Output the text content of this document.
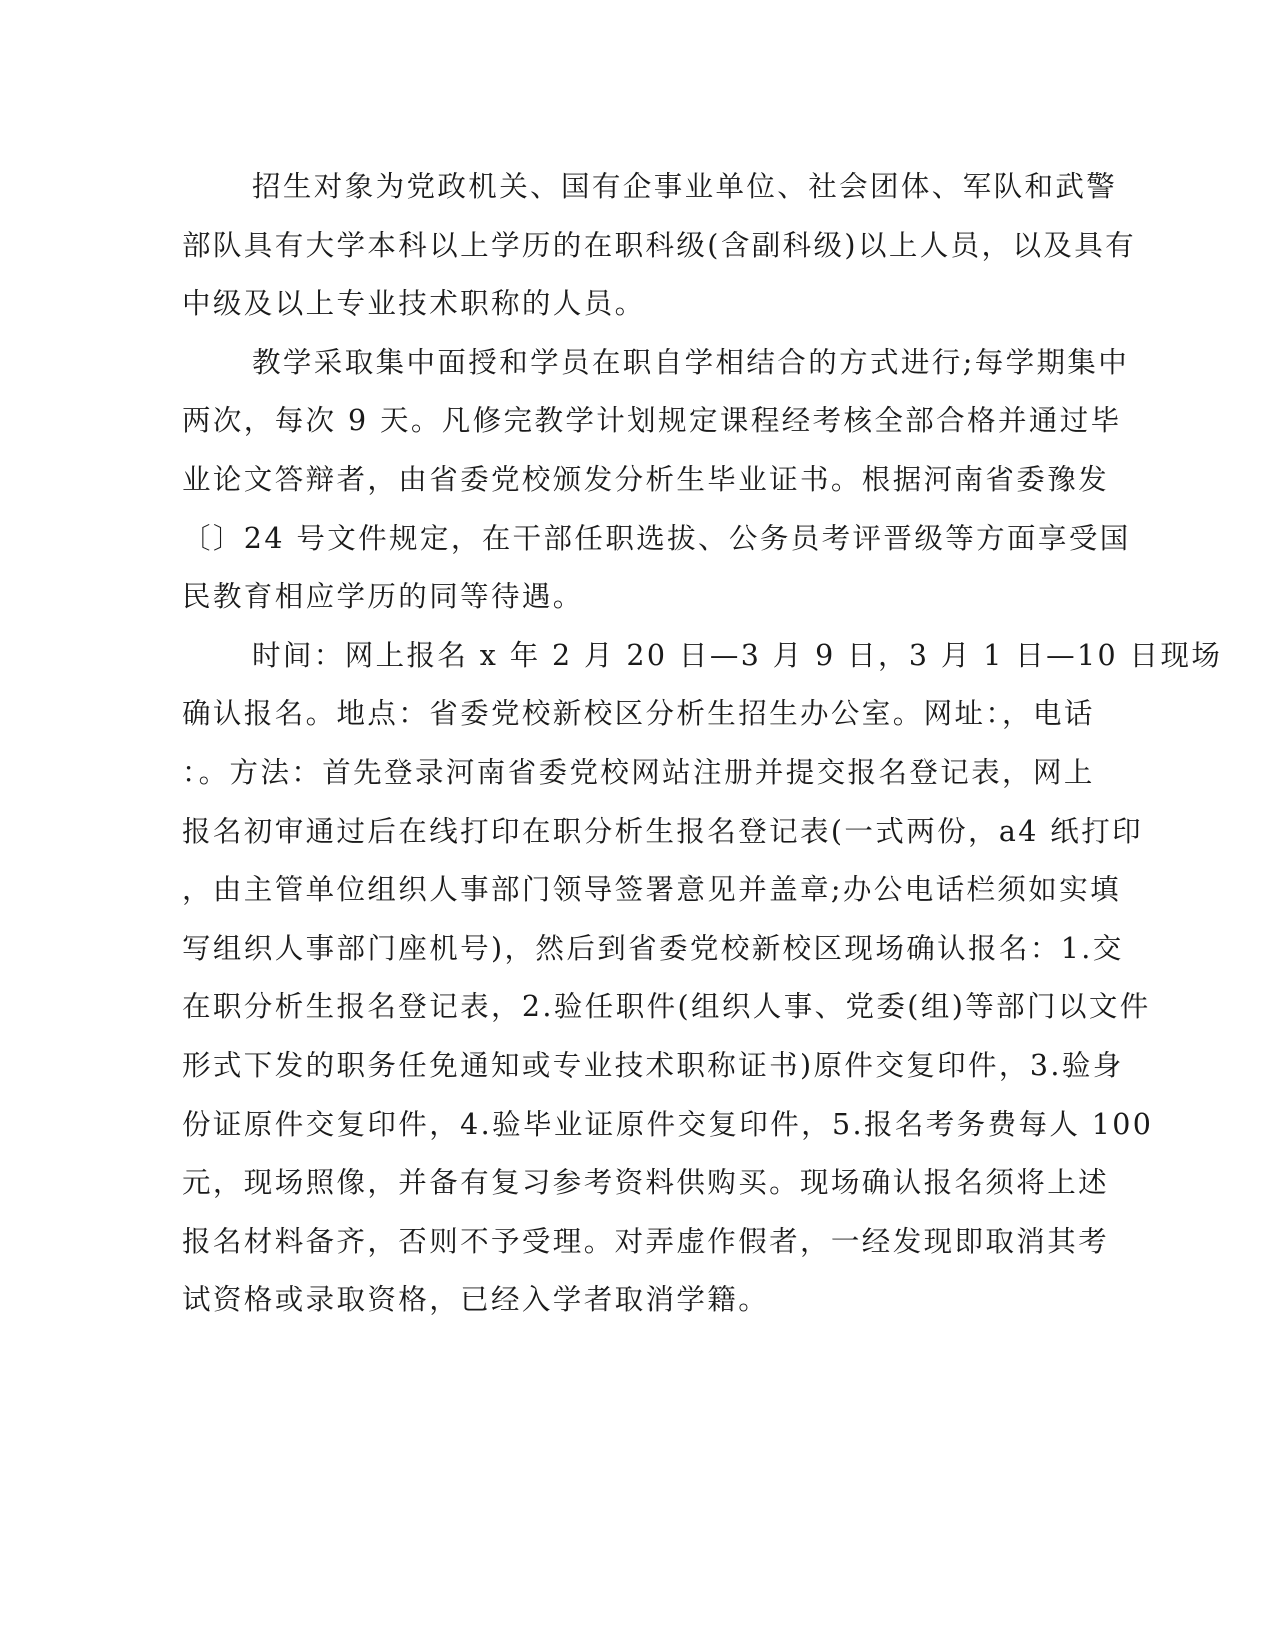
招生对象为党政机关、国有企事业单位、社会团体、军队和武警
部队具有大学本科以上学历的在职科级(含副科级)以上人员，以及具有
中级及以上专业技术职称的人员。
教学采取集中面授和学员在职自学相结合的方式进行;每学期集中
两次，每次 9 天。凡修完教学计划规定课程经考核全部合格并通过毕
业论文答辩者，由省委党校颁发分析生毕业证书。根据河南省委豫发
〔〕24 号文件规定，在干部任职选拔、公务员考评晋级等方面享受国
民教育相应学历的同等待遇。
时间：网上报名 x 年 2 月 20 日—3 月 9 日，3 月 1 日—10 日现场
确认报名。地点：省委党校新校区分析生招生办公室。网址：，电话
：。方法：首先登录河南省委党校网站注册并提交报名登记表，网上
报名初审通过后在线打印在职分析生报名登记表(一式两份，a4 纸打印
，由主管单位组织人事部门领导签署意见并盖章;办公电话栏须如实填
写组织人事部门座机号)，然后到省委党校新校区现场确认报名：1.交
在职分析生报名登记表，2.验任职件(组织人事、党委(组)等部门以文件
形式下发的职务任免通知或专业技术职称证书)原件交复印件，3.验身
份证原件交复印件，4.验毕业证原件交复印件，5.报名考务费每人 100
元，现场照像，并备有复习参考资料供购买。现场确认报名须将上述
报名材料备齐，否则不予受理。对弄虚作假者，一经发现即取消其考
试资格或录取资格，已经入学者取消学籍。
